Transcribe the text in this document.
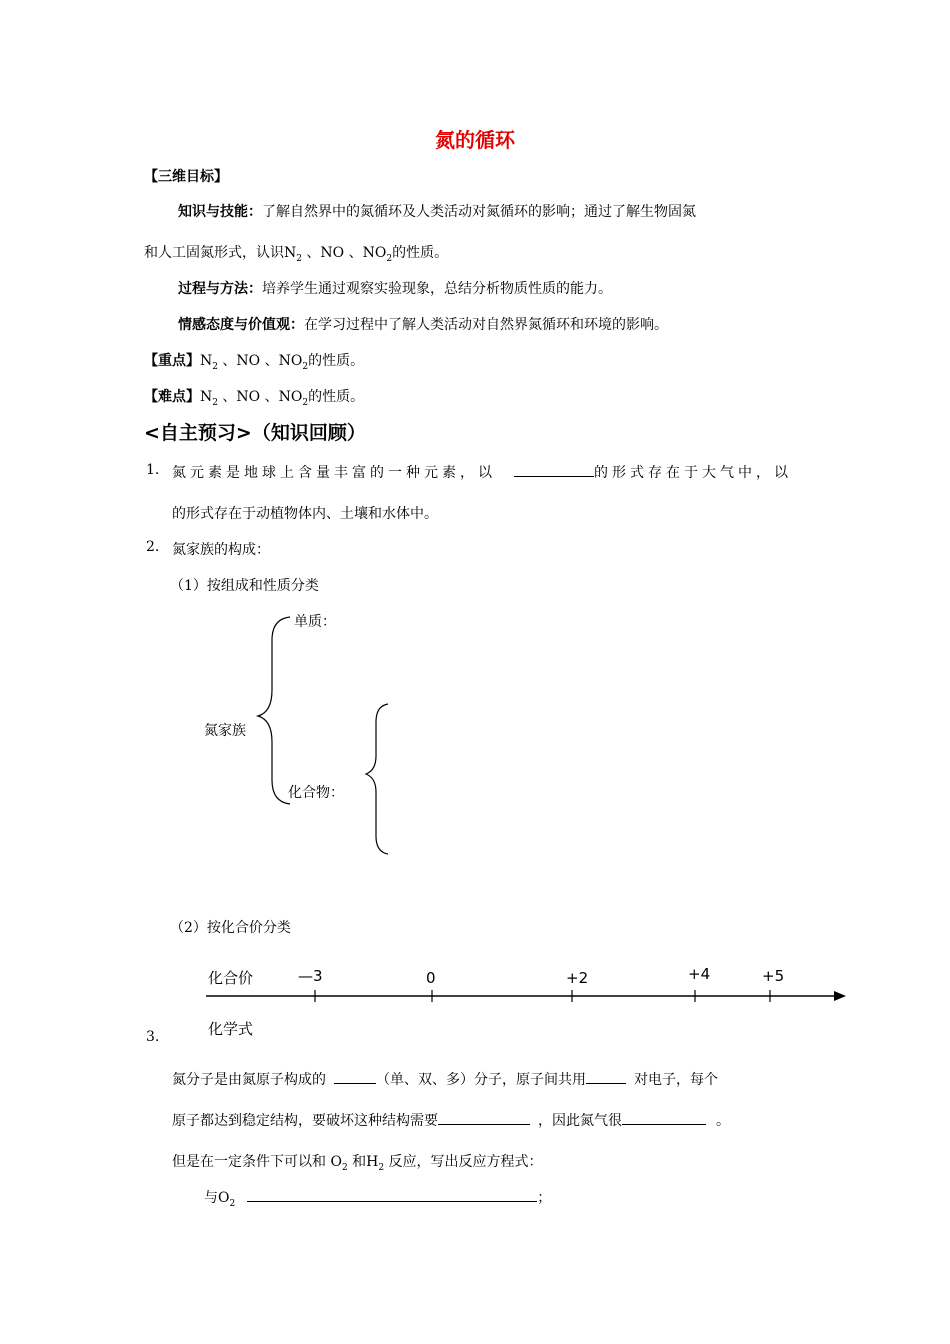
氮的循环
【三维目标】
知识与技能：了解自然界中的氮循环及人类活动对氮循环的影响；通过了解生物固氮
和人工固氮形式，认识$N_2$ 、NO 、$NO_2$的性质。
过程与方法：培养学生通过观察实验现象，总结分析物质性质的能力。
情感态度与价值观：在学习过程中了解人类活动对自然界氮循环和环境的影响。
【重点】$N_2$ 、NO 、$NO_2$的性质。
【难点】$N_2$ 、NO 、$NO_2$的性质。
<自主预习>（知识回顾）
1. 氮元素是地球上含量丰富的一种元素，以	的形式存在于大气中，以
的形式存在于动植物体内、土壤和水体中。
2. 氮家族的构成：
（1）按组成和性质分类
单质：
氮家族
化合物：
（2）按化合价分类
化合价	—3	0	+2	+4	+5
化学式
3.
氮分子是由氮原子构成的	（单、双、多）分子，原子间共用	对电子，每个
原子都达到稳定结构，要破坏这种结构需要	，因此氮气很	。
但是在一定条件下可以和 $O_2$ 和$H_2$ 反应，写出反应方程式：
与$O_2$	；
